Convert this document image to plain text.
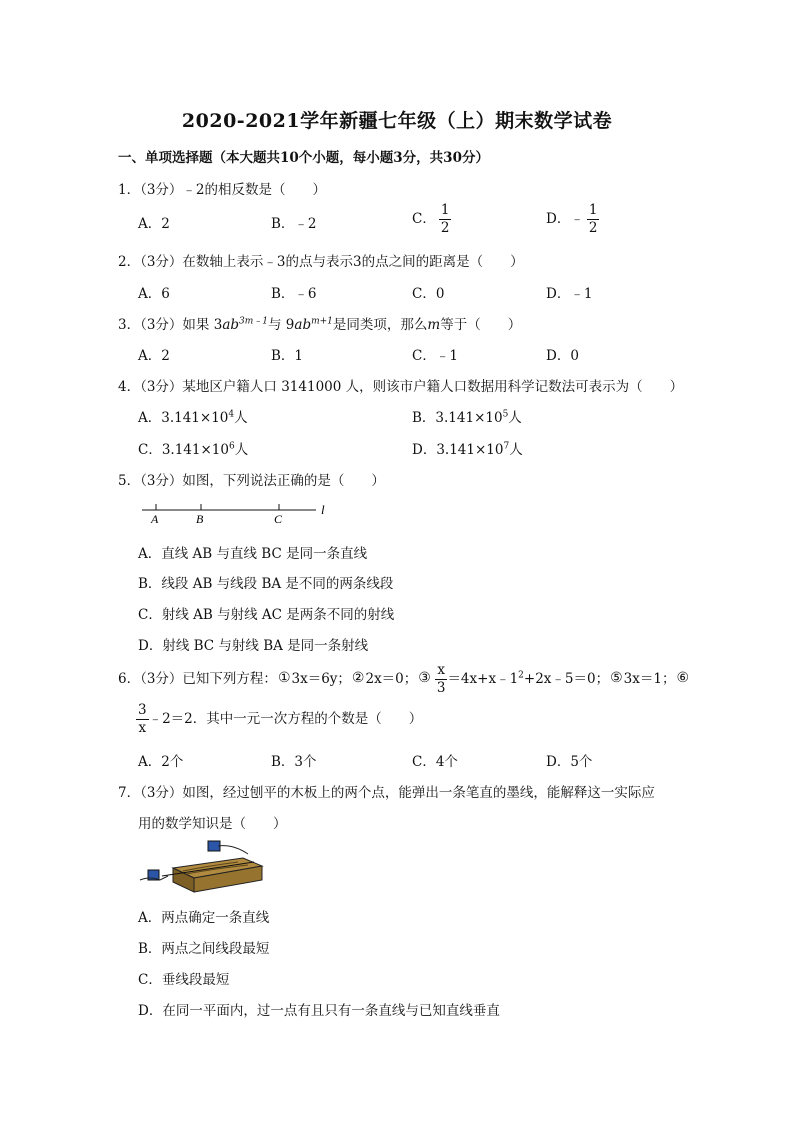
2020-2021学年新疆七年级（上）期末数学试卷
一、单项选择题（本大题共10个小题，每小题3分，共30分）
1．（3分）﹣2的相反数是（　　）
A．2	B．﹣2	C． $\frac{1}{2}$	D．﹣ $\frac{1}{2}$
2．（3分）在数轴上表示﹣3的点与表示3的点之间的距离是（　　）
A．6	B．﹣6	C．0	D．﹣1
3．（3分）如果 $3ab^{3m﹣1}$与 $9ab^{m+1}$是同类项，那么m等于（　　）
A．2	B．1	C．﹣1	D．0
4．（3分）某地区户籍人口 3141000 人，则该市户籍人口数据用科学记数法可表示为（　　）
A．$3.141\times 10^4$人	B．$3.141\times 10^5$人
C．$3.141\times 10^6$人	D．$3.141\times 10^7$人
5．（3分）如图，下列说法正确的是（　　）
A	B	C
l
A．直线 AB 与直线 BC 是同一条直线
B．线段 AB 与线段 BA 是不同的两条线段
C．射线 AB 与射线 AC 是两条不同的射线
D．射线 BC 与射线 BA 是同一条射线
6．（3分）已知下列方程：①3x＝6y；②2x＝0；③ $\frac{x}{3}$ $=4x+x﹣1^2+2x﹣5=0$；⑤3x＝1；⑥
$\frac{3}{x}$ ﹣2＝2．其中一元一次方程的个数是（　　）
A．2个	B．3个	C．4个	D．5个
7．（3分）如图，经过刨平的木板上的两个点，能弹出一条笔直的墨线，能解释这一实际应
用的数学知识是（　　）
A．两点确定一条直线
B．两点之间线段最短
C．垂线段最短
D．在同一平面内，过一点有且只有一条直线与已知直线垂直
